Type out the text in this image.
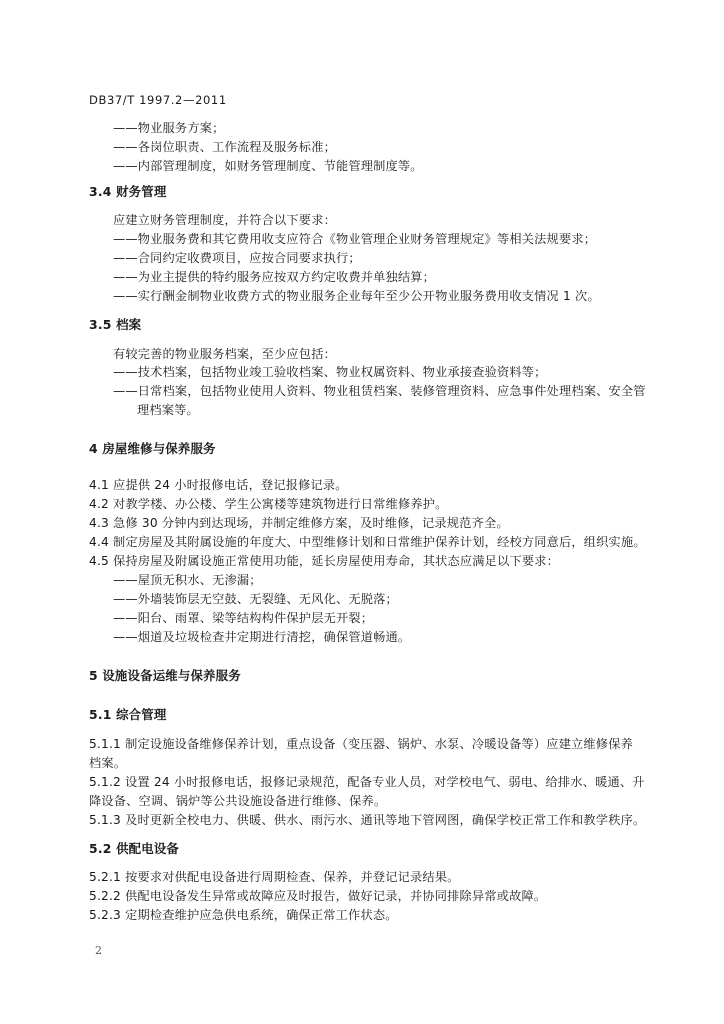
DB37/T 1997.2—2011
——物业服务方案；
——各岗位职责、工作流程及服务标准；
——内部管理制度，如财务管理制度、节能管理制度等。
3.4 财务管理
应建立财务管理制度，并符合以下要求：
——物业服务费和其它费用收支应符合《物业管理企业财务管理规定》等相关法规要求；
——合同约定收费项目，应按合同要求执行；
——为业主提供的特约服务应按双方约定收费并单独结算；
——实行酬金制物业收费方式的物业服务企业每年至少公开物业服务费用收支情况 1 次。
3.5 档案
有较完善的物业服务档案，至少应包括：
——技术档案，包括物业竣工验收档案、物业权属资料、物业承接查验资料等；
——日常档案，包括物业使用人资料、物业租赁档案、装修管理资料、应急事件处理档案、安全管
理档案等。
4 房屋维修与保养服务
4.1 应提供 24 小时报修电话，登记报修记录。
4.2 对教学楼、办公楼、学生公寓楼等建筑物进行日常维修养护。
4.3 急修 30 分钟内到达现场，并制定维修方案，及时维修，记录规范齐全。
4.4 制定房屋及其附属设施的年度大、中型维修计划和日常维护保养计划，经校方同意后，组织实施。
4.5 保持房屋及附属设施正常使用功能，延长房屋使用寿命，其状态应满足以下要求：
——屋顶无积水、无渗漏；
——外墙装饰层无空鼓、无裂缝、无风化、无脱落；
——阳台、雨罩、梁等结构构件保护层无开裂；
——烟道及垃圾检查井定期进行清挖，确保管道畅通。
5 设施设备运维与保养服务
5.1 综合管理
5.1.1 制定设施设备维修保养计划，重点设备（变压器、锅炉、水泵、冷暖设备等）应建立维修保养
档案。
5.1.2 设置 24 小时报修电话，报修记录规范，配备专业人员，对学校电气、弱电、给排水、暖通、升
降设备、空调、锅炉等公共设施设备进行维修、保养。
5.1.3 及时更新全校电力、供暖、供水、雨污水、通讯等地下管网图，确保学校正常工作和教学秩序。
5.2 供配电设备
5.2.1 按要求对供配电设备进行周期检查、保养，并登记记录结果。
5.2.2 供配电设备发生异常或故障应及时报告，做好记录，并协同排除异常或故障。
5.2.3 定期检查维护应急供电系统，确保正常工作状态。
2
